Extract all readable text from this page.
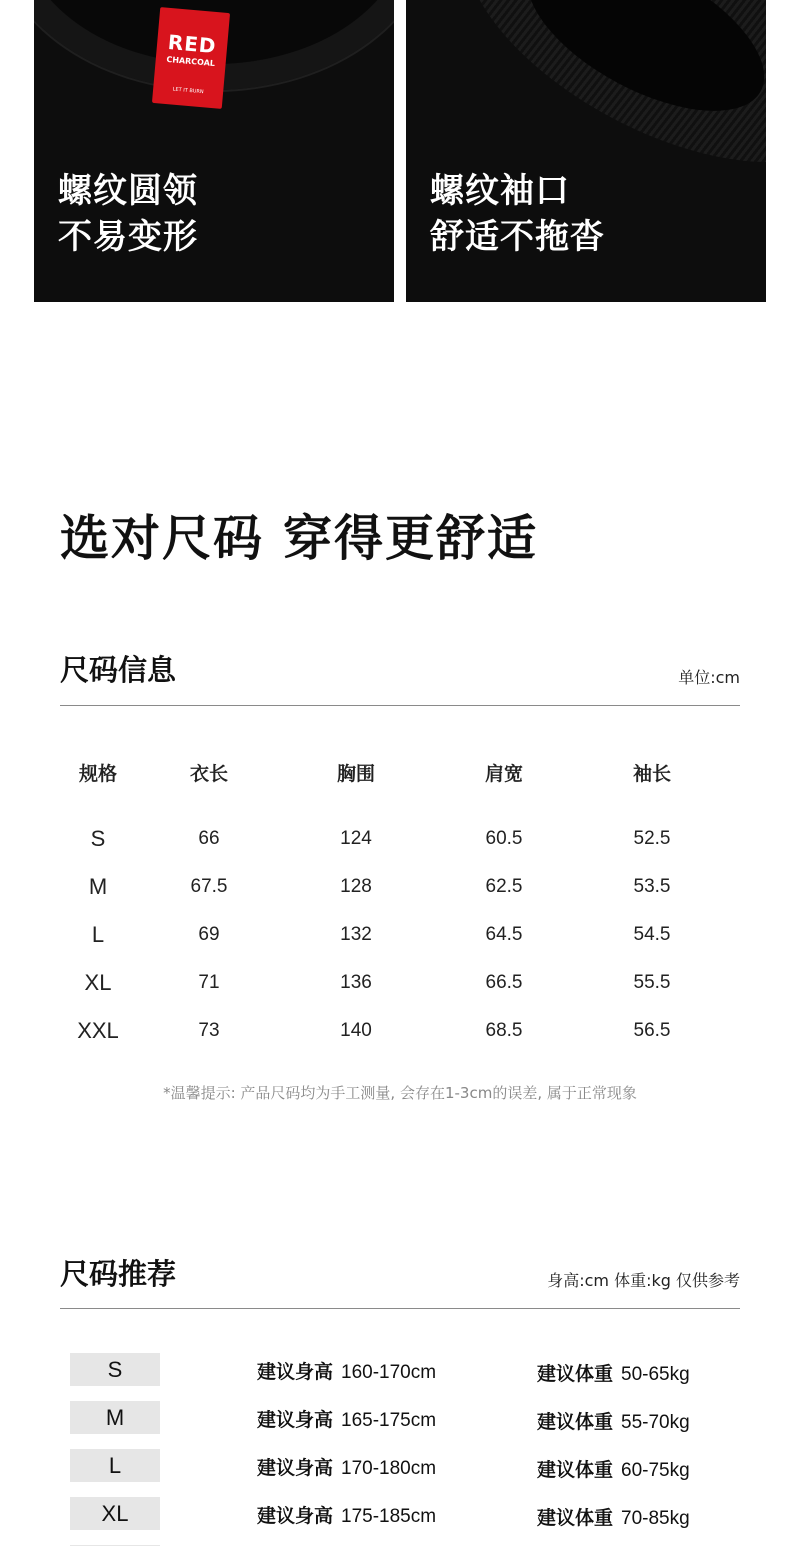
RED
CHARCOAL
LET IT BURN
螺纹圆领
不易变形
螺纹袖口
舒适不拖沓
选对尺码 穿得更舒适
尺码信息	单位:cm
规格	衣长	胸围	肩宽	袖长
S	66	124	60.5	52.5
M	67.5	128	62.5	53.5
L	69	132	64.5	54.5
XL	71	136	66.5	55.5
XXL	73	140	68.5	56.5
*温馨提示: 产品尺码均为手工测量, 会存在1-3cm的误差, 属于正常现象
尺码推荐	身高:cm 体重:kg 仅供参考
S	建议身高 160-170cm	建议体重 50-65kg
M	建议身高 165-175cm	建议体重 55-70kg
L	建议身高 170-180cm	建议体重 60-75kg
XL	建议身高 175-185cm	建议体重 70-85kg
